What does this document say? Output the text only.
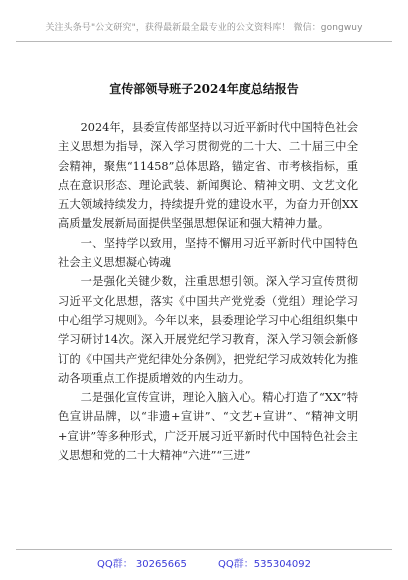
关注头条号"公文研究"，获得最新最全最专业的公文资料库！ 微信：gongwuy
宣传部领导班子2024年度总结报告

2024年，县委宣传部坚持以习近平新时代中国特色社会主义思想为指导，深入学习贯彻党的二十大、二十届三中全会精神，聚焦“11458”总体思路，锚定省、市考核指标，重点在意识形态、理论武装、新闻舆论、精神文明、文艺文化五大领域持续发力，持续提升党的建设水平，为奋力开创XX高质量发展新局面提供坚强思想保证和强大精神力量。

一、坚持学以致用，坚持不懈用习近平新时代中国特色社会主义思想凝心铸魂

一是强化关键少数，注重思想引领。深入学习宣传贯彻习近平文化思想，落实《中国共产党党委（党组）理论学习中心组学习规则》。今年以来，县委理论学习中心组组织集中学习研讨14次。深入开展党纪学习教育，深入学习领会新修订的《中国共产党纪律处分条例》，把党纪学习成效转化为推动各项重点工作提质增效的内生动力。

二是强化宣传宣讲，理论入脑入心。精心打造了“XX”特色宣讲品牌，以“非遗+宣讲”、“文艺+宣讲”、“精神文明+宣讲”等多种形式，广泛开展习近平新时代中国特色社会主义思想和党的二十大精神“六进”“三进”

QQ群： 30265665	QQ群：535304092
